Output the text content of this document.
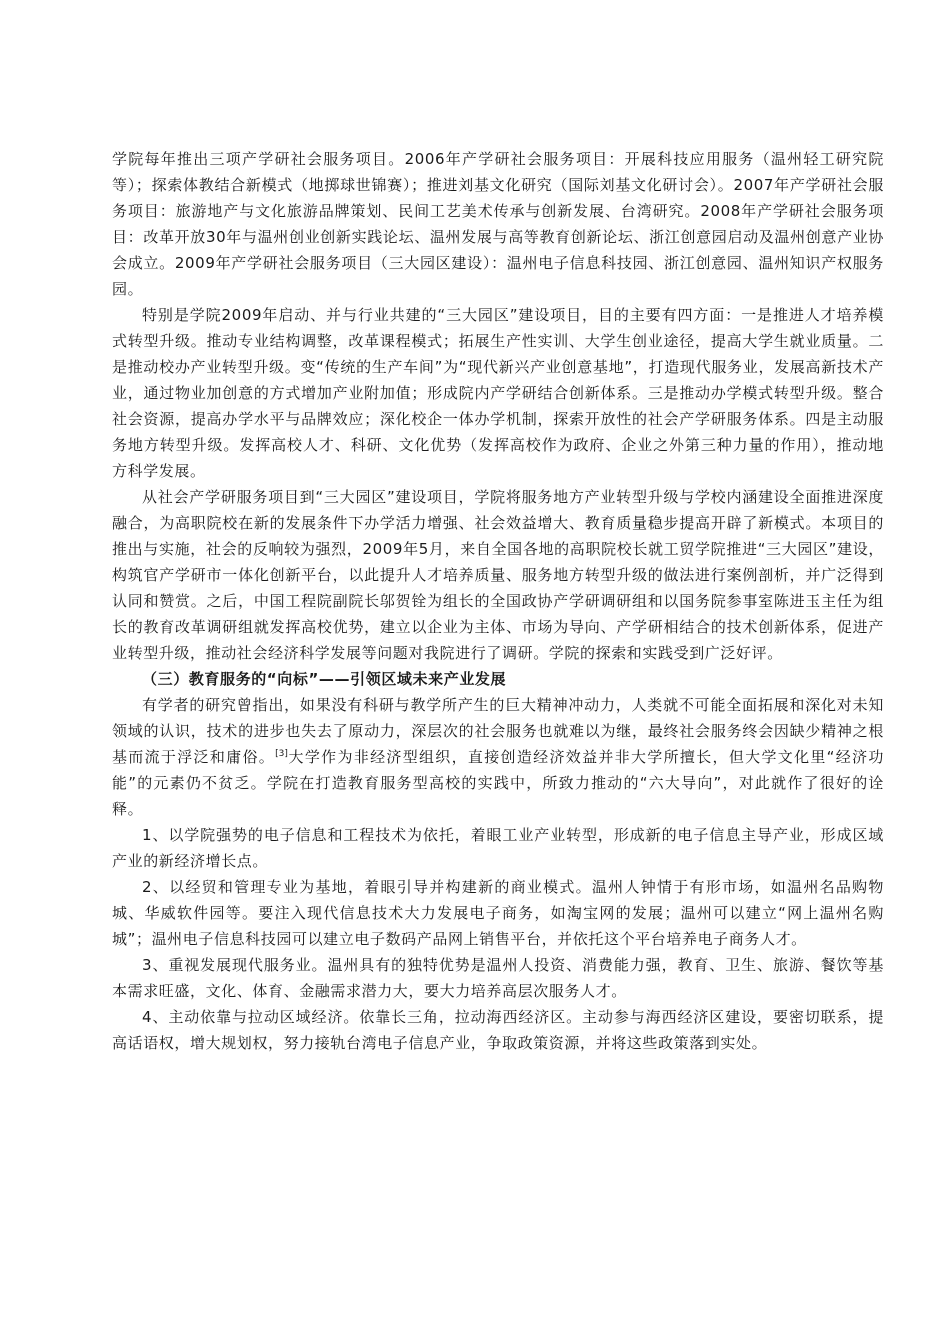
学院每年推出三项产学研社会服务项目。2006年产学研社会服务项目：开展科技应用服务（温州轻工研究院等）；探索体教结合新模式（地掷球世锦赛）；推进刘基文化研究（国际刘基文化研讨会）。2007年产学研社会服务项目：旅游地产与文化旅游品牌策划、民间工艺美术传承与创新发展、台湾研究。2008年产学研社会服务项目：改革开放30年与温州创业创新实践论坛、温州发展与高等教育创新论坛、浙江创意园启动及温州创意产业协会成立。2009年产学研社会服务项目（三大园区建设）：温州电子信息科技园、浙江创意园、温州知识产权服务园。

特别是学院2009年启动、并与行业共建的“三大园区”建设项目，目的主要有四方面：一是推进人才培养模式转型升级。推动专业结构调整，改革课程模式；拓展生产性实训、大学生创业途径，提高大学生就业质量。二是推动校办产业转型升级。变“传统的生产车间”为“现代新兴产业创意基地”，打造现代服务业，发展高新技术产业，通过物业加创意的方式增加产业附加值；形成院内产学研结合创新体系。三是推动办学模式转型升级。整合社会资源，提高办学水平与品牌效应；深化校企一体办学机制，探索开放性的社会产学研服务体系。四是主动服务地方转型升级。发挥高校人才、科研、文化优势（发挥高校作为政府、企业之外第三种力量的作用），推动地方科学发展。

从社会产学研服务项目到“三大园区”建设项目，学院将服务地方产业转型升级与学校内涵建设全面推进深度融合，为高职院校在新的发展条件下办学活力增强、社会效益增大、教育质量稳步提高开辟了新模式。本项目的推出与实施，社会的反响较为强烈，2009年5月，来自全国各地的高职院校长就工贸学院推进“三大园区”建设，构筑官产学研市一体化创新平台，以此提升人才培养质量、服务地方转型升级的做法进行案例剖析，并广泛得到认同和赞赏。之后，中国工程院副院长邬贺铨为组长的全国政协产学研调研组和以国务院参事室陈进玉主任为组长的教育改革调研组就发挥高校优势，建立以企业为主体、市场为导向、产学研相结合的技术创新体系，促进产业转型升级，推动社会经济科学发展等问题对我院进行了调研。学院的探索和实践受到广泛好评。

（三）教育服务的“向标”——引领区域未来产业发展

有学者的研究曾指出，如果没有科研与教学所产生的巨大精神冲动力，人类就不可能全面拓展和深化对未知领域的认识，技术的进步也失去了原动力，深层次的社会服务也就难以为继，最终社会服务终会因缺少精神之根基而流于浮泛和庸俗。[3]大学作为非经济型组织，直接创造经济效益并非大学所擅长，但大学文化里“经济功能”的元素仍不贫乏。学院在打造教育服务型高校的实践中，所致力推动的“六大导向”，对此就作了很好的诠释。

1、以学院强势的电子信息和工程技术为依托，着眼工业产业转型，形成新的电子信息主导产业，形成区域产业的新经济增长点。

2、以经贸和管理专业为基地，着眼引导并构建新的商业模式。温州人钟情于有形市场，如温州名品购物城、华威软件园等。要注入现代信息技术大力发展电子商务，如淘宝网的发展；温州可以建立“网上温州名购城”；温州电子信息科技园可以建立电子数码产品网上销售平台，并依托这个平台培养电子商务人才。

3、重视发展现代服务业。温州具有的独特优势是温州人投资、消费能力强，教育、卫生、旅游、餐饮等基本需求旺盛，文化、体育、金融需求潜力大，要大力培养高层次服务人才。

4、主动依靠与拉动区域经济。依靠长三角，拉动海西经济区。主动参与海西经济区建设，要密切联系，提高话语权，增大规划权，努力接轨台湾电子信息产业，争取政策资源，并将这些政策落到实处。
